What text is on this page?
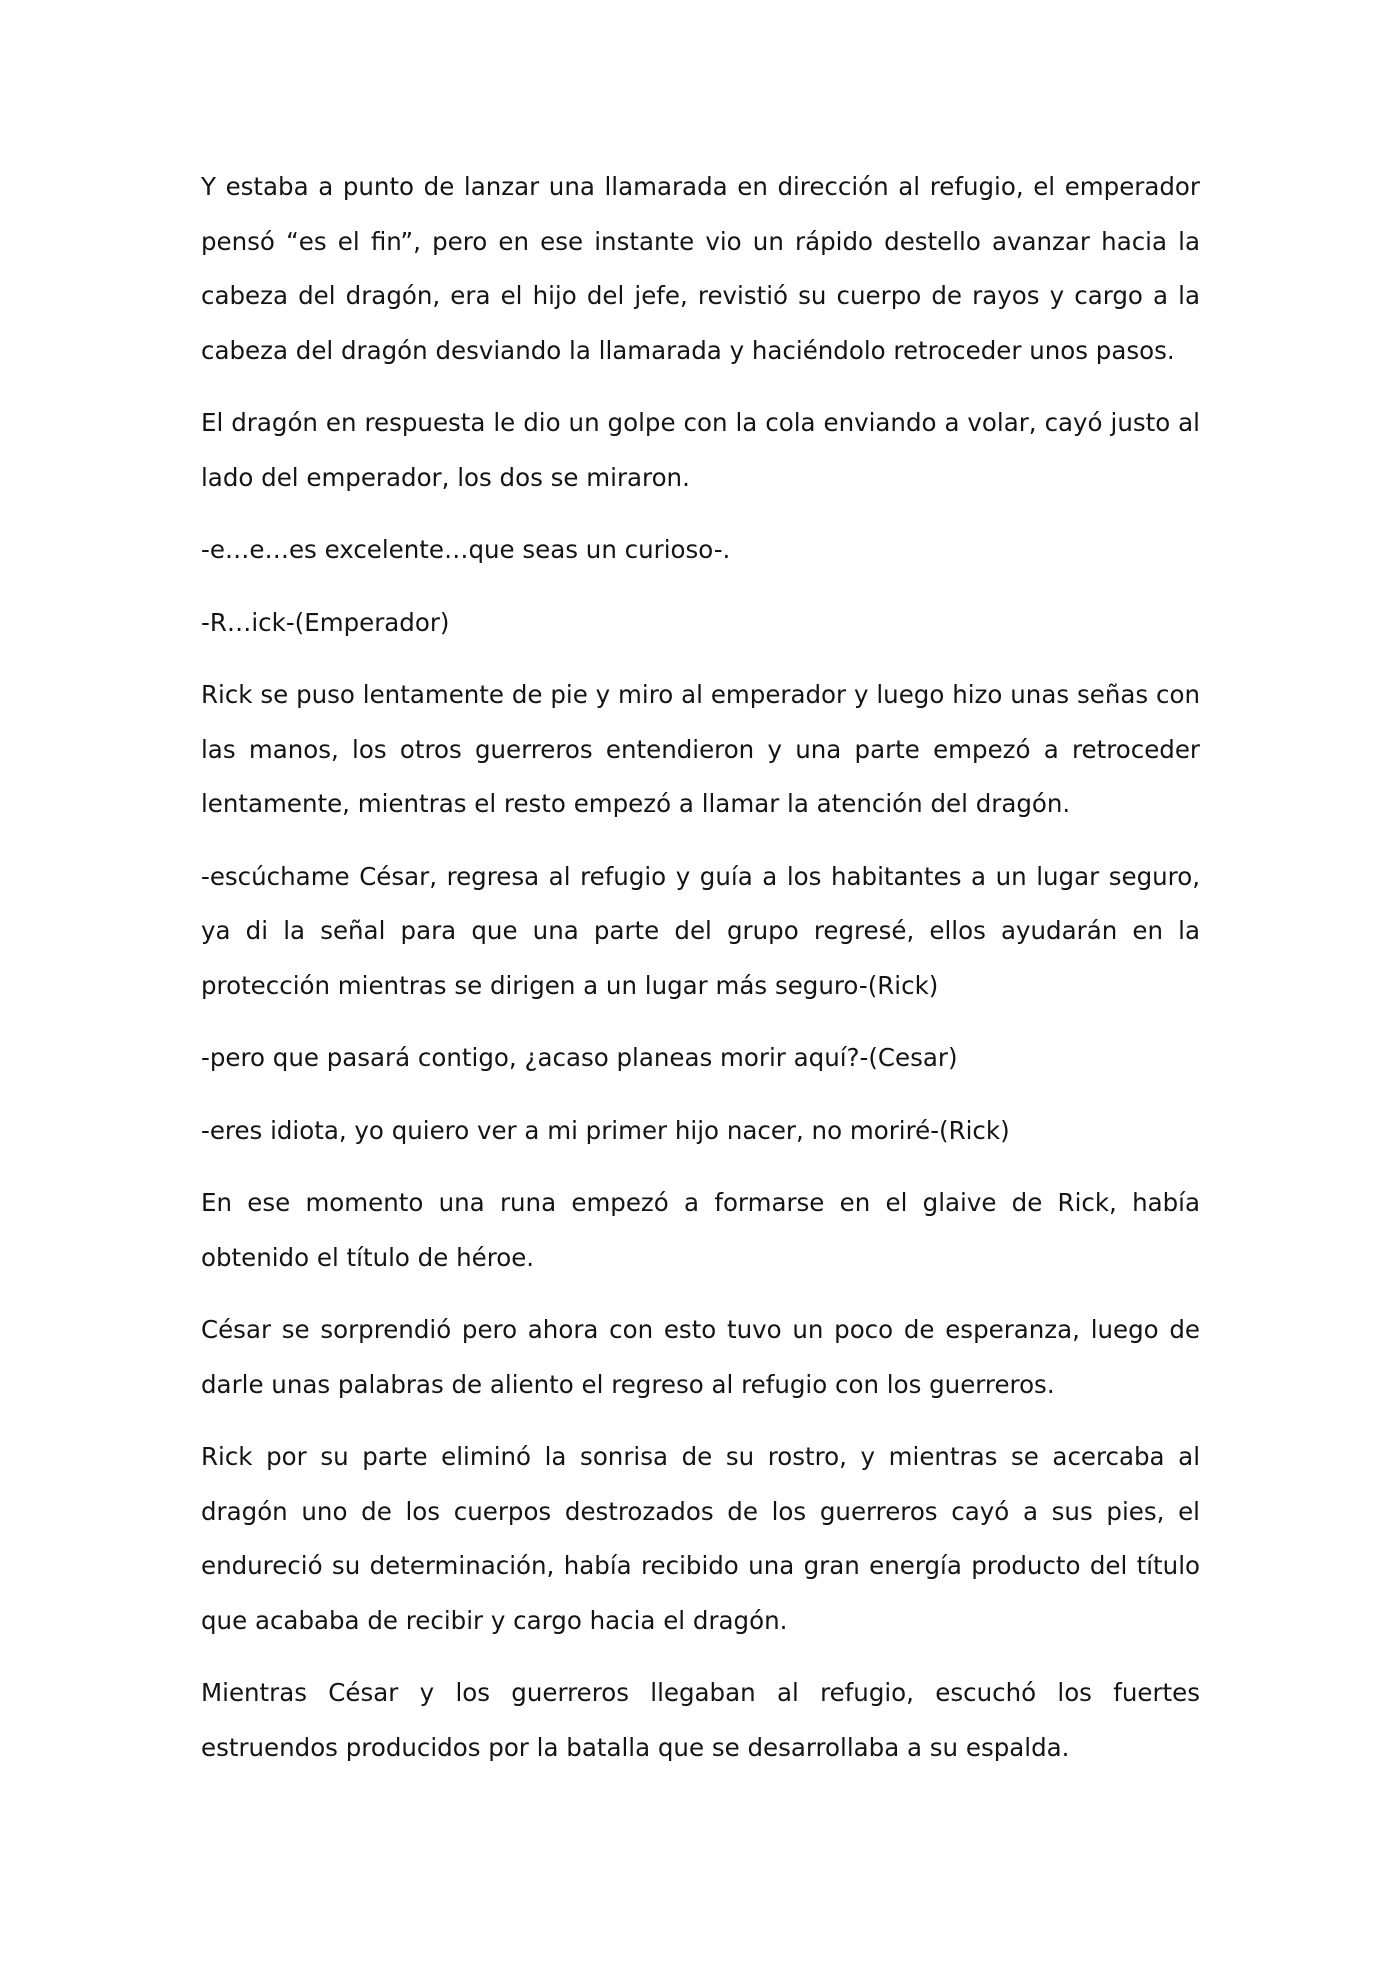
Y estaba a punto de lanzar una llamarada en dirección al refugio, el emperador pensó “es el fin”, pero en ese instante vio un rápido destello avanzar hacia la cabeza del dragón, era el hijo del jefe, revistió su cuerpo de rayos y cargo a la cabeza del dragón desviando la llamarada y haciéndolo retroceder unos pasos.

El dragón en respuesta le dio un golpe con la cola enviando a volar, cayó justo al lado del emperador, los dos se miraron.

-e…e…es excelente…que seas un curioso-.

-R…ick-(Emperador)

Rick se puso lentamente de pie y miro al emperador y luego hizo unas señas con las manos, los otros guerreros entendieron y una parte empezó a retroceder lentamente, mientras el resto empezó a llamar la atención del dragón.

-escúchame César, regresa al refugio y guía a los habitantes a un lugar seguro, ya di la señal para que una parte del grupo regresé, ellos ayudarán en la protección mientras se dirigen a un lugar más seguro-(Rick)

-pero que pasará contigo, ¿acaso planeas morir aquí?-(Cesar)

-eres idiota, yo quiero ver a mi primer hijo nacer, no moriré-(Rick)

En ese momento una runa empezó a formarse en el glaive de Rick, había obtenido el título de héroe.

César se sorprendió pero ahora con esto tuvo un poco de esperanza, luego de darle unas palabras de aliento el regreso al refugio con los guerreros.

Rick por su parte eliminó la sonrisa de su rostro, y mientras se acercaba al dragón uno de los cuerpos destrozados de los guerreros cayó a sus pies, el endureció su determinación, había recibido una gran energía producto del título que acababa de recibir y cargo hacia el dragón.

Mientras César y los guerreros llegaban al refugio, escuchó los fuertes estruendos producidos por la batalla que se desarrollaba a su espalda.
